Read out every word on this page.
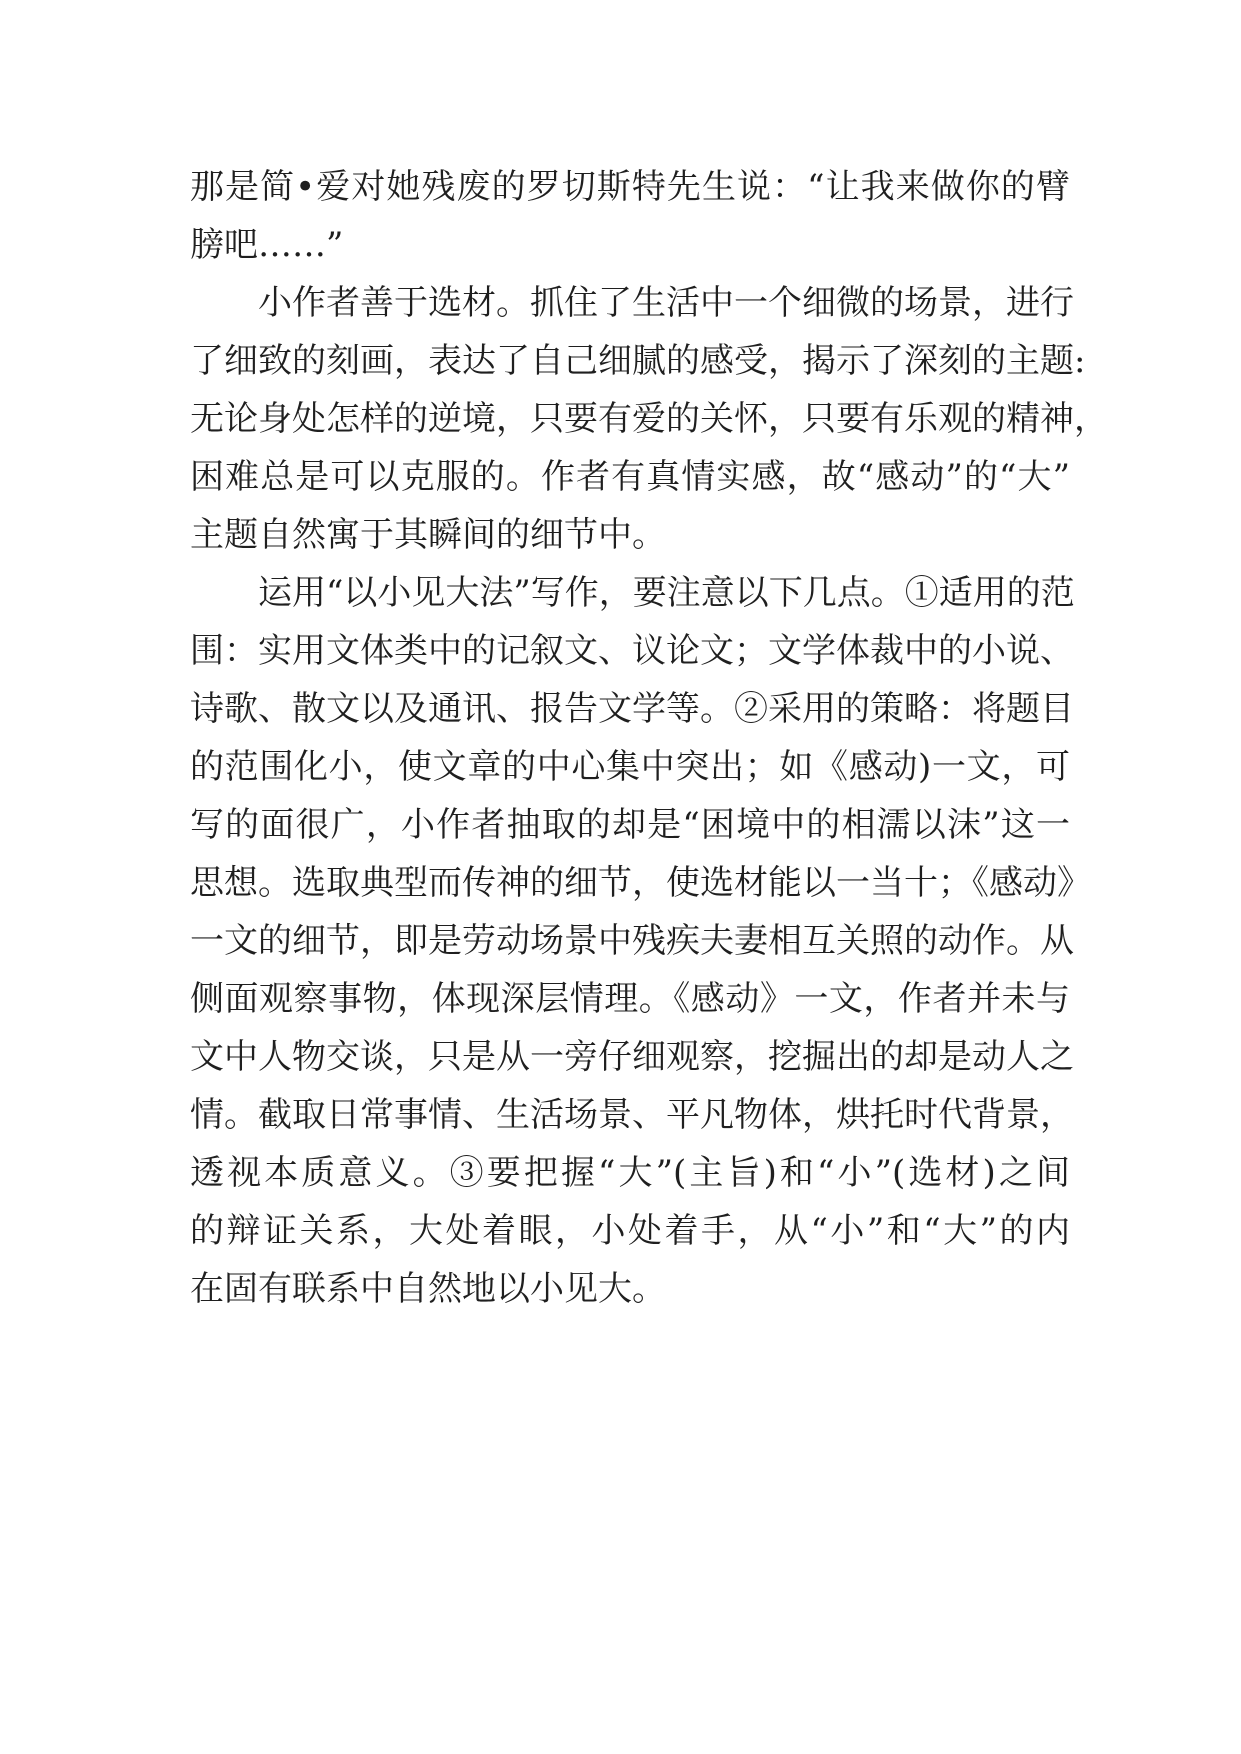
那是简•爱对她残废的罗切斯特先生说：“让我来做你的臂
膀吧……”
小作者善于选材。抓住了生活中一个细微的场景，进行
了细致的刻画，表达了自己细腻的感受，揭示了深刻的主题:
无论身处怎样的逆境，只要有爱的关怀，只要有乐观的精神，
困难总是可以克服的。作者有真情实感，故“感动”的“大”
主题自然寓于其瞬间的细节中。
运用“以小见大法”写作，要注意以下几点。①适用的范
围：实用文体类中的记叙文、议论文；文学体裁中的小说、
诗歌、散文以及通讯、报告文学等。②采用的策略：将题目
的范围化小，使文章的中心集中突出；如《感动)一文，可
写的面很广，小作者抽取的却是“困境中的相濡以沫”这一
思想。选取典型而传神的细节，使选材能以一当十；《感动》
一文的细节，即是劳动场景中残疾夫妻相互关照的动作。从
侧面观察事物，体现深层情理。《感动》一文，作者并未与
文中人物交谈，只是从一旁仔细观察，挖掘出的却是动人之
情。截取日常事情、生活场景、平凡物体，烘托时代背景，
透视本质意义。③要把握“大”(主旨)和“小”(选材)之间
的辩证关系，大处着眼，小处着手，从“小”和“大”的内
在固有联系中自然地以小见大。
